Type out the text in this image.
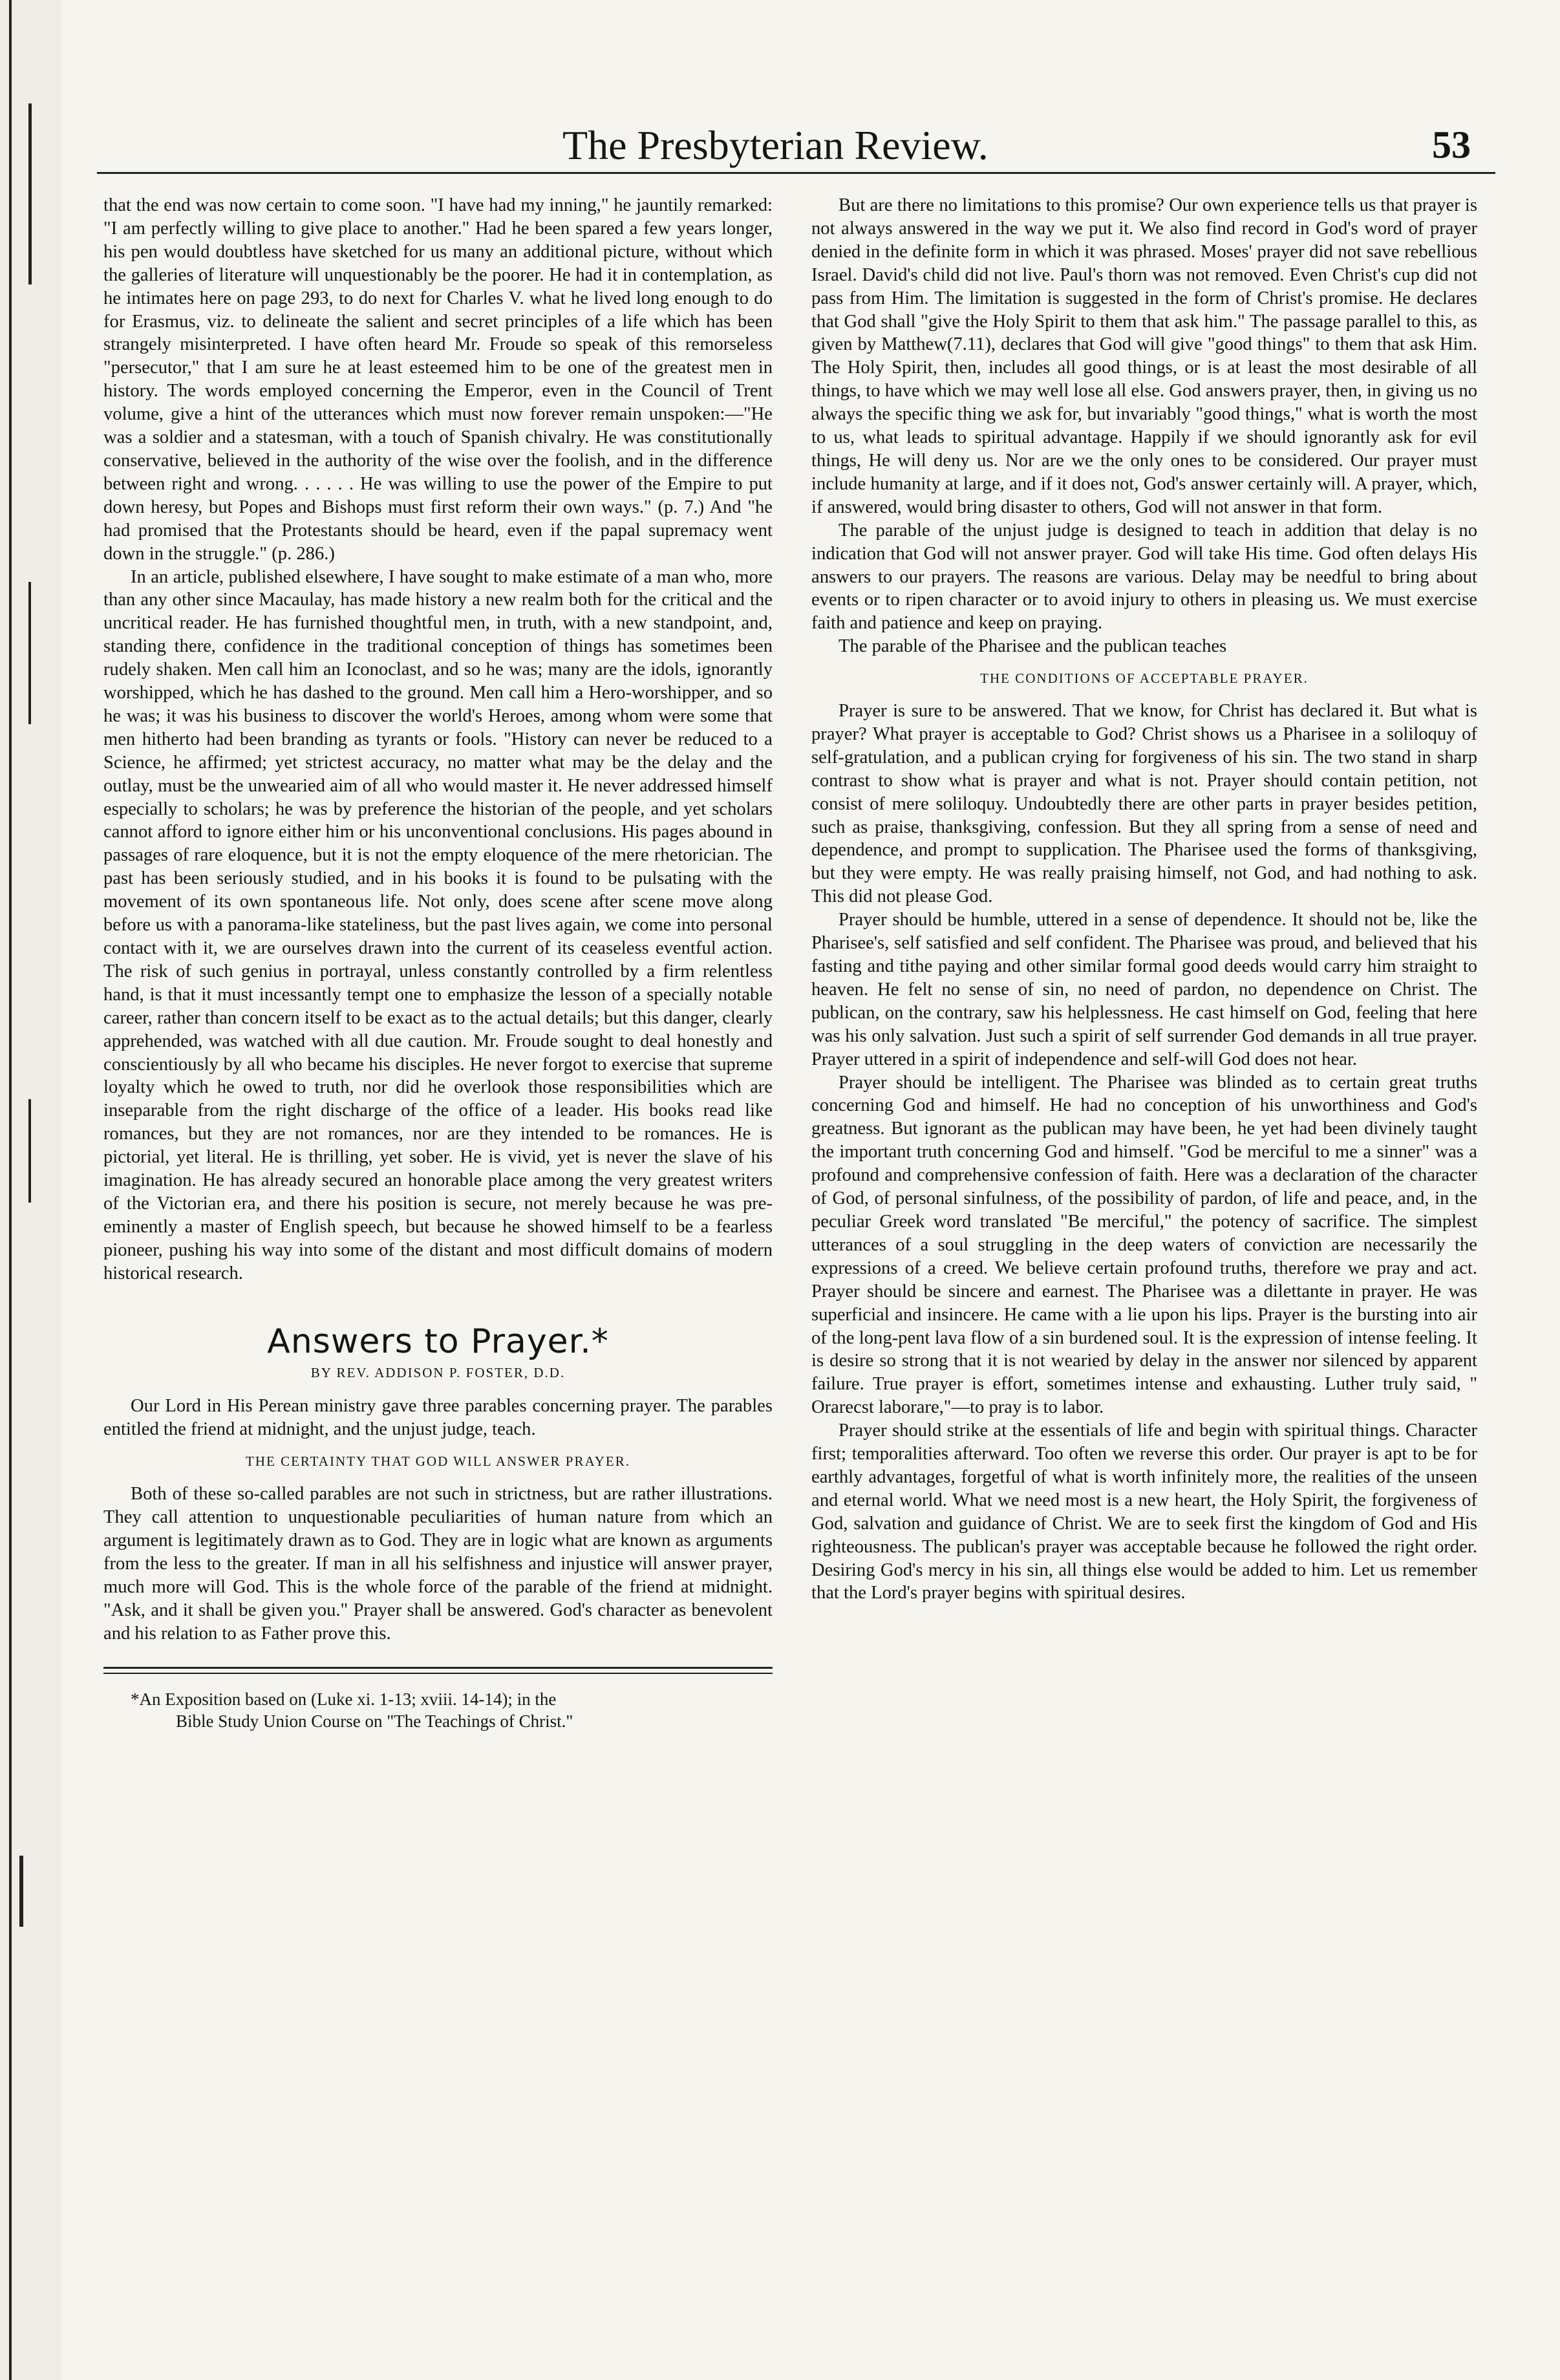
The Presbyterian Review.	53

that the end was now certain to come soon. "I have had my inning," he jauntily remarked: "I am perfectly willing to give place to another." Had he been spared a few years longer, his pen would doubtless have sketched for us many an additional picture, without which the galleries of literature will unquestionably be the poorer. He had it in contemplation, as he intimates here on page 293, to do next for Charles V. what he lived long enough to do for Erasmus, viz. to delineate the salient and secret principles of a life which has been strangely misinterpreted. I have often heard Mr. Froude so speak of this remorseless "persecutor," that I am sure he at least esteemed him to be one of the greatest men in history. The words employed concerning the Emperor, even in the Council of Trent volume, give a hint of the utterances which must now forever remain unspoken:—"He was a soldier and a statesman, with a touch of Spanish chivalry. He was constitutionally conservative, believed in the authority of the wise over the foolish, and in the difference between right and wrong. . . . . . He was willing to use the power of the Empire to put down heresy, but Popes and Bishops must first reform their own ways." (p. 7.) And "he had promised that the Protestants should be heard, even if the papal supremacy went down in the struggle." (p. 286.)

In an article, published elsewhere, I have sought to make estimate of a man who, more than any other since Macaulay, has made history a new realm both for the critical and the uncritical reader. He has furnished thoughtful men, in truth, with a new standpoint, and, standing there, confidence in the traditional conception of things has sometimes been rudely shaken. Men call him an Iconoclast, and so he was; many are the idols, ignorantly worshipped, which he has dashed to the ground. Men call him a Hero-worshipper, and so he was; it was his business to discover the world's Heroes, among whom were some that men hitherto had been branding as tyrants or fools. "History can never be reduced to a Science, he affirmed; yet strictest accuracy, no matter what may be the delay and the outlay, must be the unwearied aim of all who would master it. He never addressed himself especially to scholars; he was by preference the historian of the people, and yet scholars cannot afford to ignore either him or his unconventional conclusions. His pages abound in passages of rare eloquence, but it is not the empty eloquence of the mere rhetorician. The past has been seriously studied, and in his books it is found to be pulsating with the movement of its own spontaneous life. Not only, does scene after scene move along before us with a panorama-like stateliness, but the past lives again, we come into personal contact with it, we are ourselves drawn into the current of its ceaseless eventful action. The risk of such genius in portrayal, unless constantly controlled by a firm relentless hand, is that it must incessantly tempt one to emphasize the lesson of a specially notable career, rather than concern itself to be exact as to the actual details; but this danger, clearly apprehended, was watched with all due caution. Mr. Froude sought to deal honestly and conscientiously by all who became his disciples. He never forgot to exercise that supreme loyalty which he owed to truth, nor did he overlook those responsibilities which are inseparable from the right discharge of the office of a leader. His books read like romances, but they are not romances, nor are they intended to be romances. He is pictorial, yet literal. He is thrilling, yet sober. He is vivid, yet is never the slave of his imagination. He has already secured an honorable place among the very greatest writers of the Victorian era, and there his position is secure, not merely because he was pre-eminently a master of English speech, but because he showed himself to be a fearless pioneer, pushing his way into some of the distant and most difficult domains of modern historical research.

Answers to Prayer.*
BY REV. ADDISON P. FOSTER, D.D.

Our Lord in His Perean ministry gave three parables concerning prayer. The parables entitled the friend at midnight, and the unjust judge, teach.

THE CERTAINTY THAT GOD WILL ANSWER PRAYER.

Both of these so-called parables are not such in strictness, but are rather illustrations. They call attention to unquestionable peculiarities of human nature from which an argument is legitimately drawn as to God. They are in logic what are known as arguments from the less to the greater. If man in all his selfishness and injustice will answer prayer, much more will God. This is the whole force of the parable of the friend at midnight. "Ask, and it shall be given you." Prayer shall be answered. God's character as benevolent and his relation to as Father prove this.

*An Exposition based on (Luke xi. 1-13; xviii. 14-14); in the
Bible Study Union Course on "The Teachings of Christ."

But are there no limitations to this promise? Our own experience tells us that prayer is not always answered in the way we put it. We also find record in God's word of prayer denied in the definite form in which it was phrased. Moses' prayer did not save rebellious Israel. David's child did not live. Paul's thorn was not removed. Even Christ's cup did not pass from Him. The limitation is suggested in the form of Christ's promise. He declares that God shall "give the Holy Spirit to them that ask him." The passage parallel to this, as given by Matthew(7.11), declares that God will give "good things" to them that ask Him. The Holy Spirit, then, includes all good things, or is at least the most desirable of all things, to have which we may well lose all else. God answers prayer, then, in giving us no always the specific thing we ask for, but invariably "good things," what is worth the most to us, what leads to spiritual advantage. Happily if we should ignorantly ask for evil things, He will deny us. Nor are we the only ones to be considered. Our prayer must include humanity at large, and if it does not, God's answer certainly will. A prayer, which, if answered, would bring disaster to others, God will not answer in that form.

The parable of the unjust judge is designed to teach in addition that delay is no indication that God will not answer prayer. God will take His time. God often delays His answers to our prayers. The reasons are various. Delay may be needful to bring about events or to ripen character or to avoid injury to others in pleasing us. We must exercise faith and patience and keep on praying.

The parable of the Pharisee and the publican teaches

THE CONDITIONS OF ACCEPTABLE PRAYER.

Prayer is sure to be answered. That we know, for Christ has declared it. But what is prayer? What prayer is acceptable to God? Christ shows us a Pharisee in a soliloquy of self-gratulation, and a publican crying for forgiveness of his sin. The two stand in sharp contrast to show what is prayer and what is not. Prayer should contain petition, not consist of mere soliloquy. Undoubtedly there are other parts in prayer besides petition, such as praise, thanksgiving, confession. But they all spring from a sense of need and dependence, and prompt to supplication. The Pharisee used the forms of thanksgiving, but they were empty. He was really praising himself, not God, and had nothing to ask. This did not please God.

Prayer should be humble, uttered in a sense of dependence. It should not be, like the Pharisee's, self satisfied and self confident. The Pharisee was proud, and believed that his fasting and tithe paying and other similar formal good deeds would carry him straight to heaven. He felt no sense of sin, no need of pardon, no dependence on Christ. The publican, on the contrary, saw his helplessness. He cast himself on God, feeling that here was his only salvation. Just such a spirit of self surrender God demands in all true prayer. Prayer uttered in a spirit of independence and self-will God does not hear.

Prayer should be intelligent. The Pharisee was blinded as to certain great truths concerning God and himself. He had no conception of his unworthiness and God's greatness. But ignorant as the publican may have been, he yet had been divinely taught the important truth concerning God and himself. "God be merciful to me a sinner" was a profound and comprehensive confession of faith. Here was a declaration of the character of God, of personal sinfulness, of the possibility of pardon, of life and peace, and, in the peculiar Greek word translated "Be merciful," the potency of sacrifice. The simplest utterances of a soul struggling in the deep waters of conviction are necessarily the expressions of a creed. We believe certain profound truths, therefore we pray and act. Prayer should be sincere and earnest. The Pharisee was a dilettante in prayer. He was superficial and insincere. He came with a lie upon his lips. Prayer is the bursting into air of the long-pent lava flow of a sin burdened soul. It is the expression of intense feeling. It is desire so strong that it is not wearied by delay in the answer nor silenced by apparent failure. True prayer is effort, sometimes intense and exhausting. Luther truly said, " Orarecst laborare,"—to pray is to labor.

Prayer should strike at the essentials of life and begin with spiritual things. Character first; temporalities afterward. Too often we reverse this order. Our prayer is apt to be for earthly advantages, forgetful of what is worth infinitely more, the realities of the unseen and eternal world. What we need most is a new heart, the Holy Spirit, the forgiveness of God, salvation and guidance of Christ. We are to seek first the kingdom of God and His righteousness. The publican's prayer was acceptable because he followed the right order. Desiring God's mercy in his sin, all things else would be added to him. Let us remember that the Lord's prayer begins with spiritual desires.
